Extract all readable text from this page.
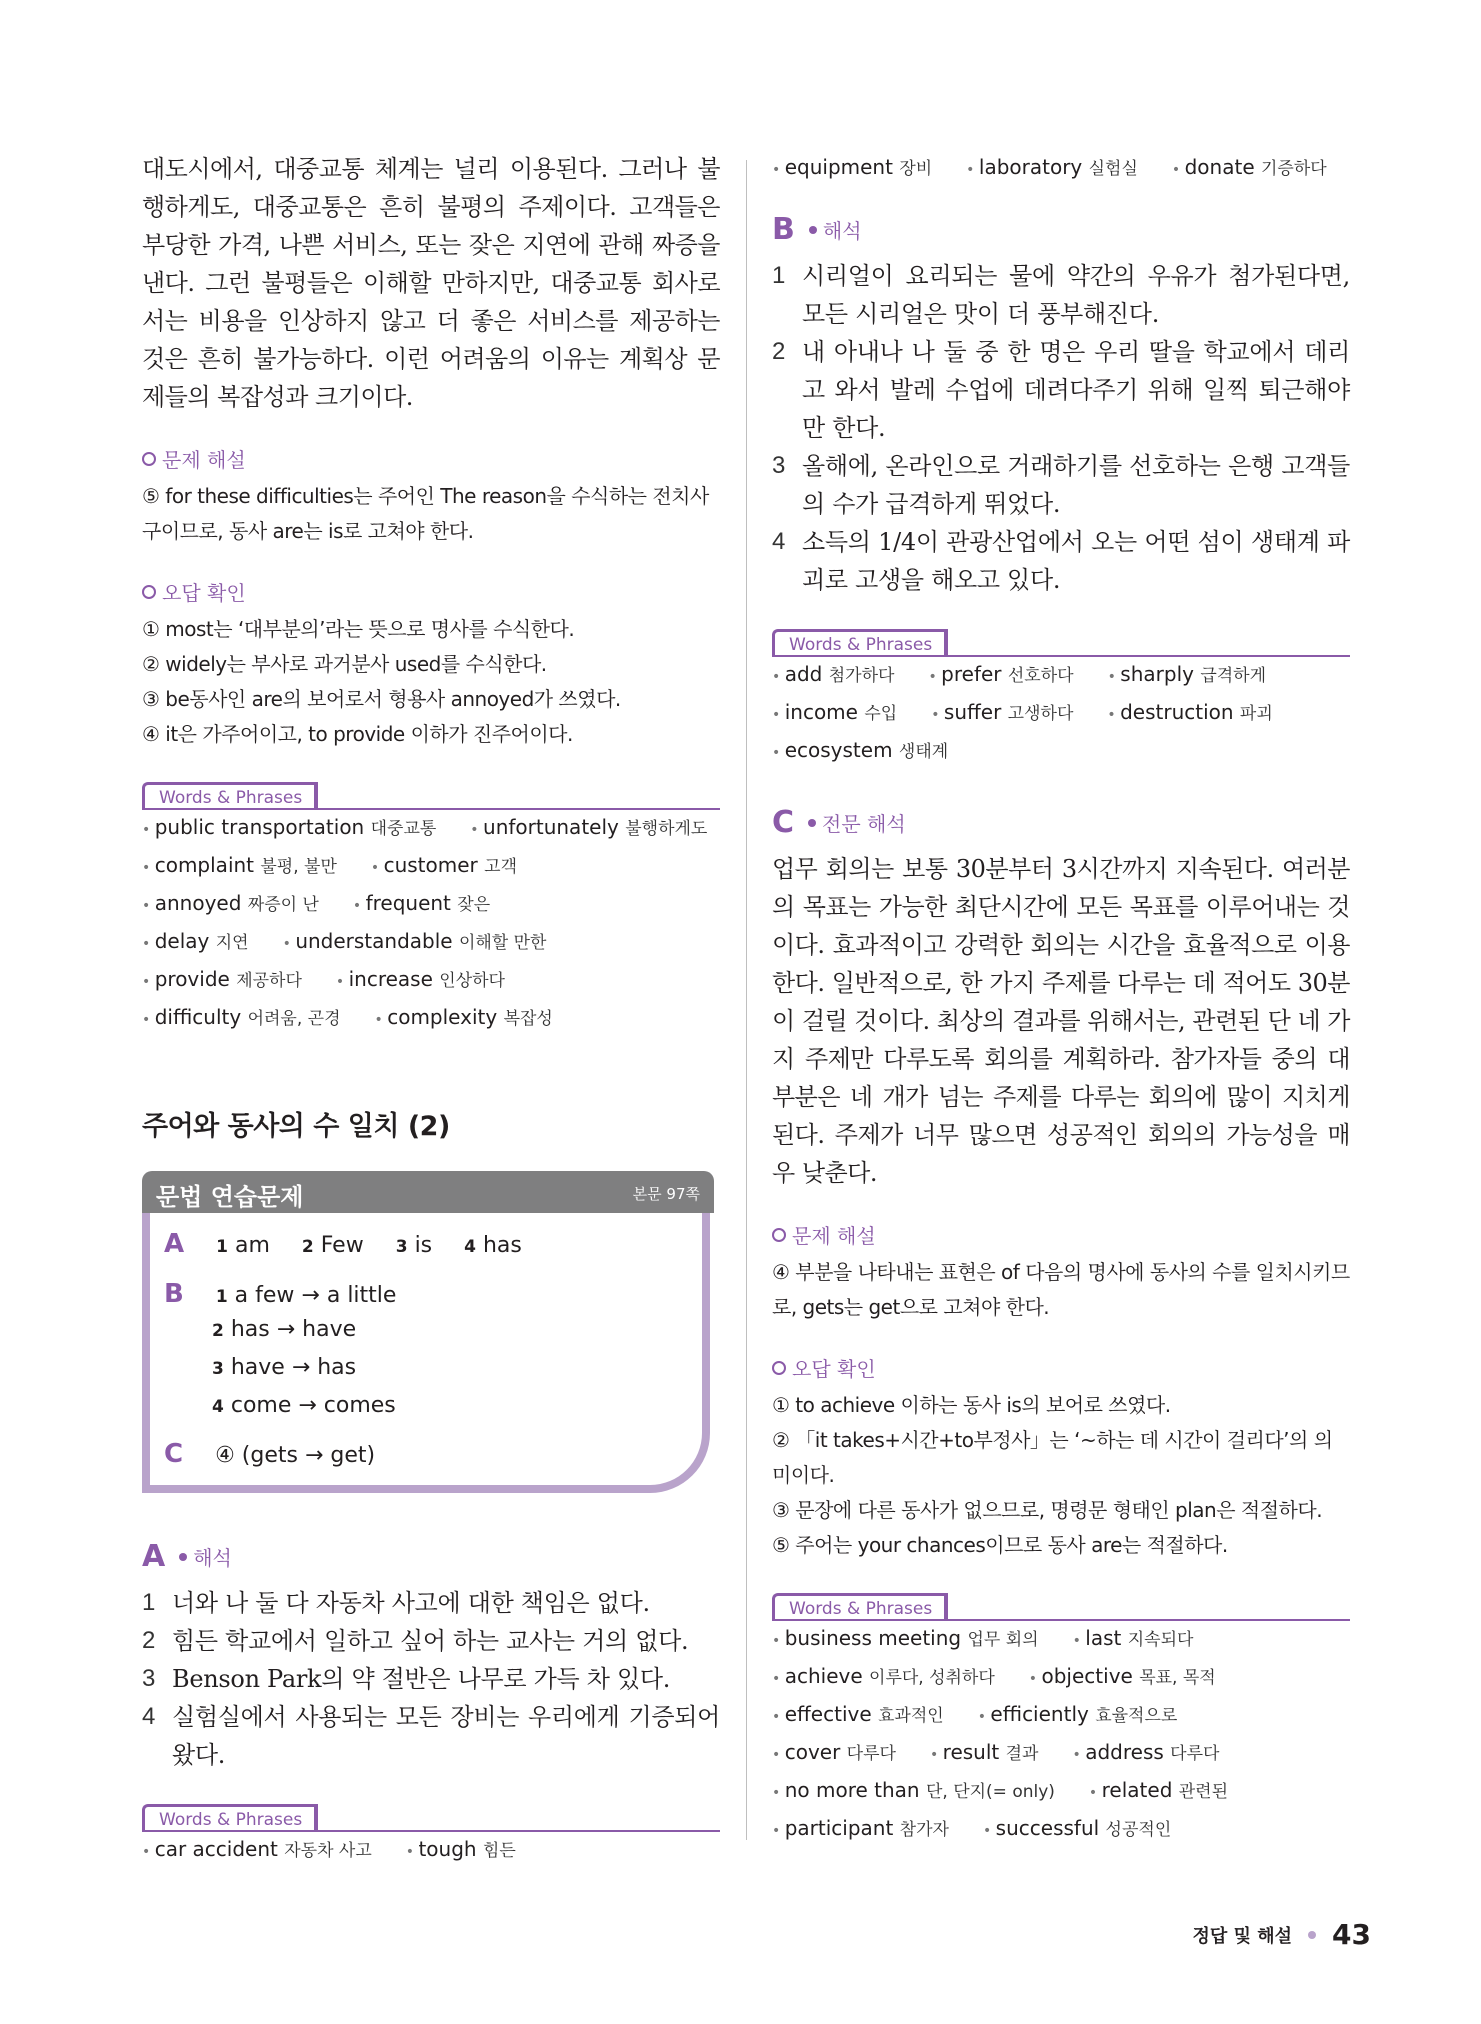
대도시에서, 대중교통 체계는 널리 이용된다. 그러나 불행하게도, 대중교통은 흔히 불평의 주제이다. 고객들은 부당한 가격, 나쁜 서비스, 또는 잦은 지연에 관해 짜증을 낸다. 그런 불평들은 이해할 만하지만, 대중교통 회사로서는 비용을 인상하지 않고 더 좋은 서비스를 제공하는 것은 흔히 불가능하다. 이런 어려움의 이유는 계획상 문제들의 복잡성과 크기이다.

문제 해설

⑤ for these difficulties는 주어인 The reason을 수식하는 전치사구이므로, 동사 are는 is로 고쳐야 한다.

오답 확인

① most는 ‘대부분의’라는 뜻으로 명사를 수식한다.

② widely는 부사로 과거분사 used를 수식한다.

③ be동사인 are의 보어로서 형용사 annoyed가 쓰였다.

④ it은 가주어이고, to provide 이하가 진주어이다.

Words & Phrases
• public transportation 대중교통	• unfortunately 불행하게도
• complaint 불평, 불만	• customer 고객
• annoyed 짜증이 난	• frequent 잦은
• delay 지연	• understandable 이해할 만한
• provide 제공하다	• increase 인상하다
• difficulty 어려움, 곤경	• complexity 복잡성
주어와 동사의 수 일치 (2)
문법 연습문제	본문 97쪽
A 1 am 2 Few 3 is 4 has
B 1 a few → a little
2 has → have
3 have → has
4 come → comes
C ④ (gets → get)
A 해석
1 너와 나 둘 다 자동차 사고에 대한 책임은 없다.
2 힘든 학교에서 일하고 싶어 하는 교사는 거의 없다.
3 Benson Park의 약 절반은 나무로 가득 차 있다.
4 실험실에서 사용되는 모든 장비는 우리에게 기증되어 왔다.
Words & Phrases
• car accident 자동차 사고	• tough 힘든
• equipment 장비	• laboratory 실험실	• donate 기증하다
B 해석
1 시리얼이 요리되는 물에 약간의 우유가 첨가된다면, 모든 시리얼은 맛이 더 풍부해진다.
2 내 아내나 나 둘 중 한 명은 우리 딸을 학교에서 데리고 와서 발레 수업에 데려다주기 위해 일찍 퇴근해야만 한다.
3 올해에, 온라인으로 거래하기를 선호하는 은행 고객들의 수가 급격하게 뛰었다.
4 소득의 1/4이 관광산업에서 오는 어떤 섬이 생태계 파괴로 고생을 해오고 있다.
Words & Phrases
• add 첨가하다	• prefer 선호하다	• sharply 급격하게
• income 수입	• suffer 고생하다	• destruction 파괴
• ecosystem 생태계
C 전문 해석

업무 회의는 보통 30분부터 3시간까지 지속된다. 여러분의 목표는 가능한 최단시간에 모든 목표를 이루어내는 것이다. 효과적이고 강력한 회의는 시간을 효율적으로 이용한다. 일반적으로, 한 가지 주제를 다루는 데 적어도 30분이 걸릴 것이다. 최상의 결과를 위해서는, 관련된 단 네 가지 주제만 다루도록 회의를 계획하라. 참가자들 중의 대부분은 네 개가 넘는 주제를 다루는 회의에 많이 지치게 된다. 주제가 너무 많으면 성공적인 회의의 가능성을 매우 낮춘다.

문제 해설

④ 부분을 나타내는 표현은 of 다음의 명사에 동사의 수를 일치시키므로, gets는 get으로 고쳐야 한다.

오답 확인

① to achieve 이하는 동사 is의 보어로 쓰였다.

② 「it takes+시간+to부정사」는 ‘~하는 데 시간이 걸리다’의 의미이다.

③ 문장에 다른 동사가 없으므로, 명령문 형태인 plan은 적절하다.

⑤ 주어는 your chances이므로 동사 are는 적절하다.

Words & Phrases
• business meeting 업무 회의	• last 지속되다
• achieve 이루다, 성취하다	• objective 목표, 목적
• effective 효과적인	• efficiently 효율적으로
• cover 다루다	• result 결과	• address 다루다
• no more than 단, 단지(= only)	• related 관련된
• participant 참가자	• successful 성공적인
정답 및 해설 43
